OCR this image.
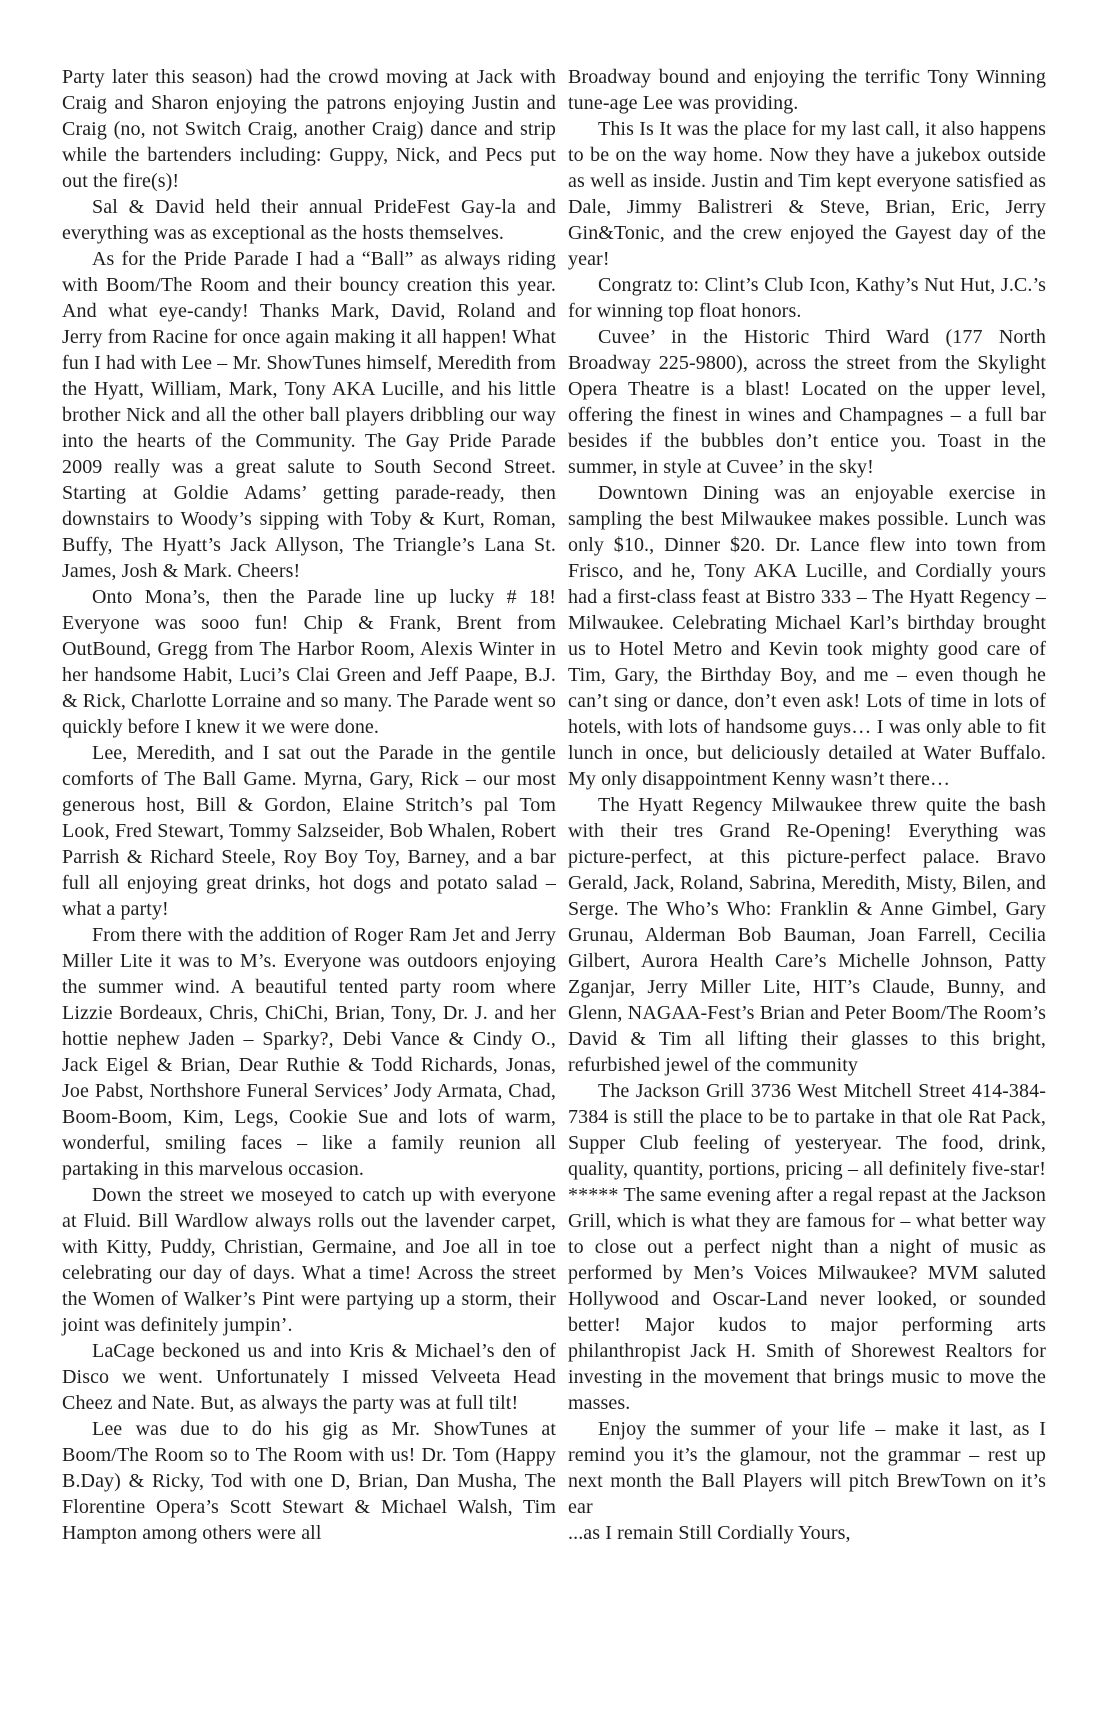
Party later this season) had the crowd moving at Jack with Craig and Sharon enjoying the patrons enjoying Justin and Craig (no, not Switch Craig, another Craig) dance and strip while the bartenders including: Guppy, Nick, and Pecs put out the fire(s)!

Sal & David held their annual PrideFest Gay-la and everything was as exceptional as the hosts themselves.

As for the Pride Parade I had a “Ball” as always riding with Boom/The Room and their bouncy creation this year. And what eye-candy! Thanks Mark, David, Roland and Jerry from Racine for once again making it all happen! What fun I had with Lee – Mr. ShowTunes himself, Meredith from the Hyatt, William, Mark, Tony AKA Lucille, and his little brother Nick and all the other ball players dribbling our way into the hearts of the Community. The Gay Pride Parade 2009 really was a great salute to South Second Street. Starting at Goldie Adams’ getting parade-ready, then downstairs to Woody’s sipping with Toby & Kurt, Roman, Buffy, The Hyatt’s Jack Allyson, The Triangle’s Lana St. James, Josh & Mark. Cheers!

Onto Mona’s, then the Parade line up lucky # 18! Everyone was sooo fun! Chip & Frank, Brent from OutBound, Gregg from The Harbor Room, Alexis Winter in her handsome Habit, Luci’s Clai Green and Jeff Paape, B.J. & Rick, Charlotte Lorraine and so many. The Parade went so quickly before I knew it we were done.

Lee, Meredith, and I sat out the Parade in the gentile comforts of The Ball Game. Myrna, Gary, Rick – our most generous host, Bill & Gordon, Elaine Stritch’s pal Tom Look, Fred Stewart, Tommy Salzseider, Bob Whalen, Robert Parrish & Richard Steele, Roy Boy Toy, Barney, and a bar full all enjoying great drinks, hot dogs and potato salad – what a party!

From there with the addition of Roger Ram Jet and Jerry Miller Lite it was to M’s. Everyone was outdoors enjoying the summer wind. A beautiful tented party room where Lizzie Bordeaux, Chris, ChiChi, Brian, Tony, Dr. J. and her hottie nephew Jaden – Sparky?, Debi Vance & Cindy O., Jack Eigel & Brian, Dear Ruthie & Todd Richards, Jonas, Joe Pabst, Northshore Funeral Services’ Jody Armata, Chad, Boom-Boom, Kim, Legs, Cookie Sue and lots of warm, wonderful, smiling faces – like a family reunion all partaking in this marvelous occasion.

Down the street we moseyed to catch up with everyone at Fluid. Bill Wardlow always rolls out the lavender carpet, with Kitty, Puddy, Christian, Germaine, and Joe all in toe celebrating our day of days. What a time! Across the street the Women of Walker’s Pint were partying up a storm, their joint was definitely jumpin’.

LaCage beckoned us and into Kris & Michael’s den of Disco we went. Unfortunately I missed Velveeta Head Cheez and Nate. But, as always the party was at full tilt!

Lee was due to do his gig as Mr. ShowTunes at Boom/The Room so to The Room with us! Dr. Tom (Happy B.Day) & Ricky, Tod with one D, Brian, Dan Musha, The Florentine Opera’s Scott Stewart & Michael Walsh, Tim Hampton among others were all

Broadway bound and enjoying the terrific Tony Winning tune-age Lee was providing.

This Is It was the place for my last call, it also happens to be on the way home. Now they have a jukebox outside as well as inside. Justin and Tim kept everyone satisfied as Dale, Jimmy Balistreri & Steve, Brian, Eric, Jerry Gin&Tonic, and the crew enjoyed the Gayest day of the year!

Congratz to: Clint’s Club Icon, Kathy’s Nut Hut, J.C.’s for winning top float honors.

Cuvee’ in the Historic Third Ward (177 North Broadway 225-9800), across the street from the Skylight Opera Theatre is a blast! Located on the upper level, offering the finest in wines and Champagnes – a full bar besides if the bubbles don’t entice you. Toast in the summer, in style at Cuvee’ in the sky!

Downtown Dining was an enjoyable exercise in sampling the best Milwaukee makes possible. Lunch was only $10., Dinner $20. Dr. Lance flew into town from Frisco, and he, Tony AKA Lucille, and Cordially yours had a first-class feast at Bistro 333 – The Hyatt Regency – Milwaukee. Celebrating Michael Karl’s birthday brought us to Hotel Metro and Kevin took mighty good care of Tim, Gary, the Birthday Boy, and me – even though he can’t sing or dance, don’t even ask! Lots of time in lots of hotels, with lots of handsome guys… I was only able to fit lunch in once, but deliciously detailed at Water Buffalo. My only disappointment Kenny wasn’t there…

The Hyatt Regency Milwaukee threw quite the bash with their tres Grand Re-Opening! Everything was picture-perfect, at this picture-perfect palace. Bravo Gerald, Jack, Roland, Sabrina, Meredith, Misty, Bilen, and Serge. The Who’s Who: Franklin & Anne Gimbel, Gary Grunau, Alderman Bob Bauman, Joan Farrell, Cecilia Gilbert, Aurora Health Care’s Michelle Johnson, Patty Zganjar, Jerry Miller Lite, HIT’s Claude, Bunny, and Glenn, NAGAA-Fest’s Brian and Peter Boom/The Room’s David & Tim all lifting their glasses to this bright, refurbished jewel of the community

The Jackson Grill 3736 West Mitchell Street 414-384-7384 is still the place to be to partake in that ole Rat Pack, Supper Club feeling of yesteryear. The food, drink, quality, quantity, portions, pricing – all definitely five-star! ***** The same evening after a regal repast at the Jackson Grill, which is what they are famous for – what better way to close out a perfect night than a night of music as performed by Men’s Voices Milwaukee? MVM saluted Hollywood and Oscar-Land never looked, or sounded better! Major kudos to major performing arts philanthropist Jack H. Smith of Shorewest Realtors for investing in the movement that brings music to move the masses.

Enjoy the summer of your life – make it last, as I remind you it’s the glamour, not the grammar – rest up next month the Ball Players will pitch BrewTown on it’s ear

...as I remain Still Cordially Yours,
